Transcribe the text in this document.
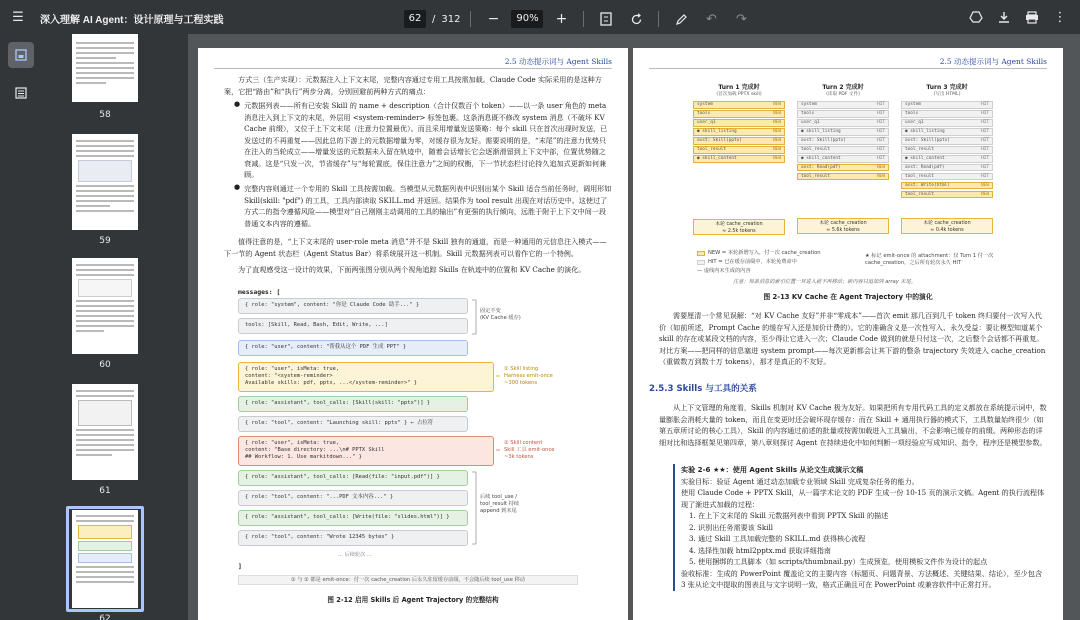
☰	深入理解 AI Agent：设计原理与工程实践	62	/ 312	−	90%	+	↶	↷	⋮
58
59
60
61
62
2.5 动态提示词与 Agent Skills
方式三（生产实现）：元数据注入上下文末尾，完整内容通过专用工具按需加载。Claude Code 实际采用的是这种方案，它把“路由”和“执行”两步分离，分别回避前两种方式的痛点：
● 元数据列表——所有已安装 Skill 的 name + description（合计仅数百个 token）——以一条 user 角色的 meta 消息注入到上下文的末尾，外层用 <system-reminder> 标签包裹。这条消息既不修改 system 消息（不破坏 KV Cache 前缀），又位于上下文末尾（注意力位置最优）。而且采用增量发送策略：每个 skill 只在首次出现时发送，已发送过的不再重复——因此总的下游上的元数据增量为零，对缓存很为友好。需要说明的是，“末尾”的注意力优势只在注入的当轮成立——增量发送的元数据未入留在轨迹中，随着会话增长它会逐渐滑留到上下文中部，位置优势随之衰减。这是“只发一次，节省缓存”与“每轮置底，保住注意力”之间的权衡，下一节状态栏讨论持久追加式更新如何兼顾。
● 完整内容则通过一个专用的 Skill 工具按需加载。当模型从元数据列表中识别出某个 Skill 适合当前任务时，调用形如 Skill(skill: "pdf") 的工具，工具内部读取 SKILL.md 并返回。结果作为 tool result 出现在对话历史中。这使过了方式二的指令遵循风险——模型对“自己刚刚主动调用的工具的输出”有更强的执行倾向，远胜于附于上下文中间一段普通文本内容的遵循。
值得注意的是，“上下文末尾的 user-role meta 消息”并不是 Skill 独有的通道，而是一种通用的元信息注入模式——下一节的 Agent 状态栏（Agent Status Bar）将系统展开这一机制。Skill 元数据列表可以看作它的一个特例。
为了直观感受这一设计的效果，下面两张图分别从两个视角追踪 Skills 在轨迹中的位置和 KV Cache 的演化。
messages: [
{ role: "system", content: "你是 Claude Code 助手..." }
tools: [Skill, Read, Bash, Edit, Write, ...]
{ role: "user", content: "帮我从这个 PDF 生成 PPT" }
{ role: "user", isMeta: true,
content: "<system-reminder>
Available skills: pdf, pptx, ...</system-reminder>" }
{ role: "assistant", tool_calls: [Skill(skill: "pptx")] }
{ role: "tool", content: "Launching skill: pptx" } ← 占位符
{ role: "user", isMeta: true,
content: "Base directory: ...\n# PPTX Skill
## Workflow: 1. Use markitdown..." }
{ role: "assistant", tool_calls: [Read(file: "input.pdf")] }
{ role: "tool", content: "...PDF 文本内容..." }
{ role: "assistant", tool_calls: [Write(file: "slides.html")] }
{ role: "tool", content: "Wrote 12345 bytes" }
... 后续轮次 ...
]
固定不变
(KV Cache 缓存)
① Skill listing
Harness emit-once
~300 tokens
② Skill content
Skill 工具 emit-once
~3k tokens
后续 tool_use /
tool_result 持续
append 到末尾
① 与 ② 都是 emit-once：付一次 cache_creation 后永久驻留缓存前缀，不会随后续 tool_use 移动
图 2-12 启用 Skills 后 Agent Trajectory 的完整结构
2.5 动态提示词与 Agent Skills
Turn 1 完成时
(首次加载 PPTX skill)
system	NEW
tools	NEW
user_q1	NEW
● skill_listing	NEW
asst: Skill(pptx)	NEW
tool_result	NEW
● skill_content	NEW
本轮 cache_creation
≈ 2.5k tokens
Turn 2 完成时
(读取 PDF 文件)
system	HIT
tools	HIT
user_q1	HIT
● skill_listing	HIT
asst: Skill(pptx)	HIT
tool_result	HIT
● skill_content	HIT
asst: Read(pdf)	NEW
tool_result	NEW
本轮 cache_creation
≈ 5.6k tokens
Turn 3 完成时
(写出 HTML)
system	HIT
tools	HIT
user_q1	HIT
● skill_listing	HIT
asst: Skill(pptx)	HIT
tool_result	HIT
● skill_content	HIT
asst: Read(pdf)	HIT
tool_result	HIT
asst: Write(html)	NEW
tool_result	NEW
本轮 cache_creation
≈ 0.4k tokens
NEW = 本轮新增写入，付一次 cache_creation
HIT = 已在缓存前缀中，本轮免费命中
— 虚线内未生成的内容
★ 标记 emit-once 的 attachment：仅 Turn 1 付一次 cache_creation，之后所有轮次永久 HIT
注意：每条消息的索引位置一旦进入就不再移动；新内容只追加到 array 末尾。
图 2-13 KV Cache 在 Agent Trajectory 中的演化
需要厘清一个常见误解：“对 KV Cache 友好”并非“零成本”——首次 emit 那几百到几千 token 终归要付一次写入代价（如前所述，Prompt Cache 的缓存写入还是加价计费的）。它的准确含义是一次性写入、永久受益：要让模型知道某个 skill 的存在或某段文档的内容，至少得让它进入一次；Claude Code 做到的就是只付这一次，之后整个会话都不再重复。对比方案——把同样的信息塞进 system prompt——每次更新都会让其下游的整条 trajectory 失效进入 cache_creation（重做数万到数十万 tokens），那才是真正的不友好。
2.5.3 Skills 与工具的关系
从上下文管理的角度看，Skills 机制对 KV Cache 极为友好。如果把所有专用代码工具的定义都放在系统提示词中，数量膨胀会消耗大量的 token，而且在变更时还会破坏现存缓存：而在 Skill + 通用执行器的模式下，工具数量始终很少（如第五章所讨论的核心工具），Skill 的内容通过前述的批量或按需加载进入工具输出，不会影响已缓存的前缀。两种形态的详细对比和选择框架见第四章，第八章则探讨 Agent 在持续进化中如何判断一项经验应写成知识、指令，程序还是模型参数。
实验 2-6 ★★：使用 Agent Skills 从论文生成演示文稿
实验目标：验证 Agent 通过动态加载专业领域 Skill 完成复杂任务的能力。
使用 Claude Code + PPTX Skill，从一篇学术论文的 PDF 生成一份 10-15 页的演示文稿。Agent 的执行流程体现了渐进式加载的过程：
1. 在上下文末尾的 Skill 元数据列表中看到 PPTX Skill 的描述
2. 识别出任务需要该 Skill
3. 通过 Skill 工具加载完整的 SKILL.md 获得核心流程
4. 选择性加载 html2pptx.md 获取详细指南
5. 使用捆绑的工具脚本（如 scripts/thumbnail.py）生成预览，使用模板文件作为设计的起点
验收标准：生成的 PowerPoint 覆盖论文的主要内容（标题页、问题背景、方法概述、关键结果、结论），至少包含 3 张从论文中提取的图表且与文字说明一致，格式正确且可在 PowerPoint 或兼容软件中正常打开。
